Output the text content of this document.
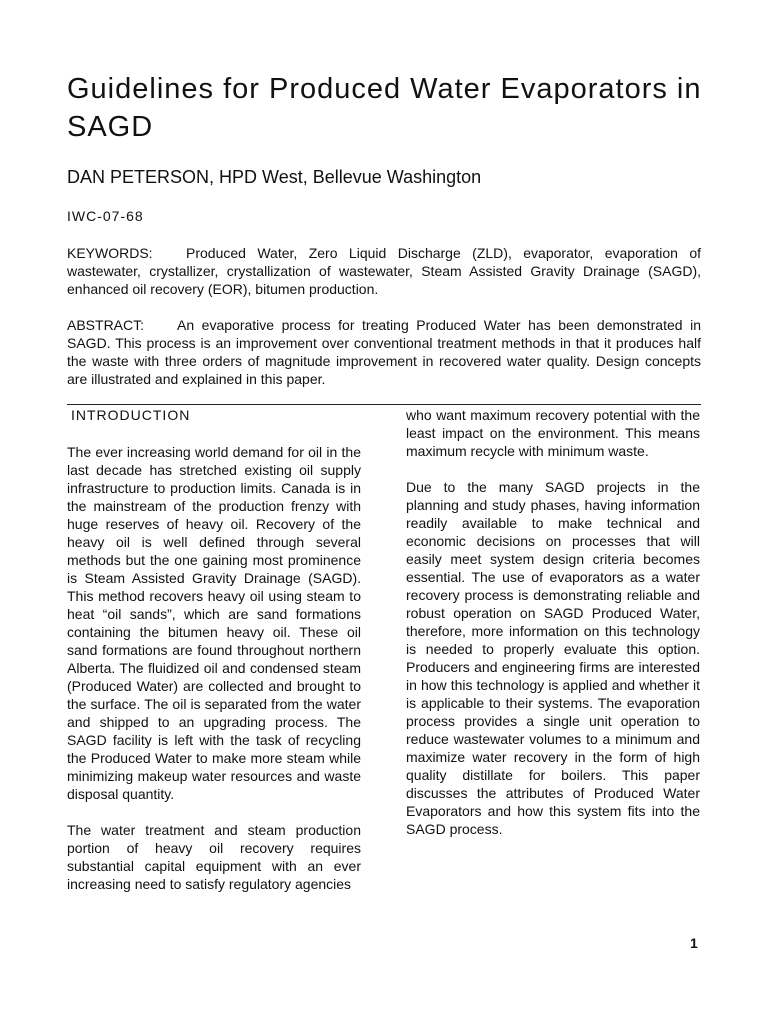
Guidelines for Produced Water Evaporators in SAGD

DAN PETERSON, HPD West, Bellevue Washington

IWC-07-68

KEYWORDS: Produced Water, Zero Liquid Discharge (ZLD), evaporator, evaporation of wastewater, crystallizer, crystallization of wastewater, Steam Assisted Gravity Drainage (SAGD), enhanced oil recovery (EOR), bitumen production.

ABSTRACT: An evaporative process for treating Produced Water has been demonstrated in SAGD. This process is an improvement over conventional treatment methods in that it produces half the waste with three orders of magnitude improvement in recovered water quality. Design concepts are illustrated and explained in this paper.

INTRODUCTION

The ever increasing world demand for oil in the last decade has stretched existing oil supply infrastructure to production limits. Canada is in the mainstream of the production frenzy with huge reserves of heavy oil. Recovery of the heavy oil is well defined through several methods but the one gaining most prominence is Steam Assisted Gravity Drainage (SAGD). This method recovers heavy oil using steam to heat “oil sands”, which are sand formations containing the bitumen heavy oil. These oil sand formations are found throughout northern Alberta. The fluidized oil and condensed steam (Produced Water) are collected and brought to the surface. The oil is separated from the water and shipped to an upgrading process. The SAGD facility is left with the task of recycling the Produced Water to make more steam while minimizing makeup water resources and waste disposal quantity.

The water treatment and steam production portion of heavy oil recovery requires substantial capital equipment with an ever increasing need to satisfy regulatory agencies

who want maximum recovery potential with the least impact on the environment. This means maximum recycle with minimum waste.

Due to the many SAGD projects in the planning and study phases, having information readily available to make technical and economic decisions on processes that will easily meet system design criteria becomes essential. The use of evaporators as a water recovery process is demonstrating reliable and robust operation on SAGD Produced Water, therefore, more information on this technology is needed to properly evaluate this option. Producers and engineering firms are interested in how this technology is applied and whether it is applicable to their systems. The evaporation process provides a single unit operation to reduce wastewater volumes to a minimum and maximize water recovery in the form of high quality distillate for boilers. This paper discusses the attributes of Produced Water Evaporators and how this system fits into the SAGD process.

1
